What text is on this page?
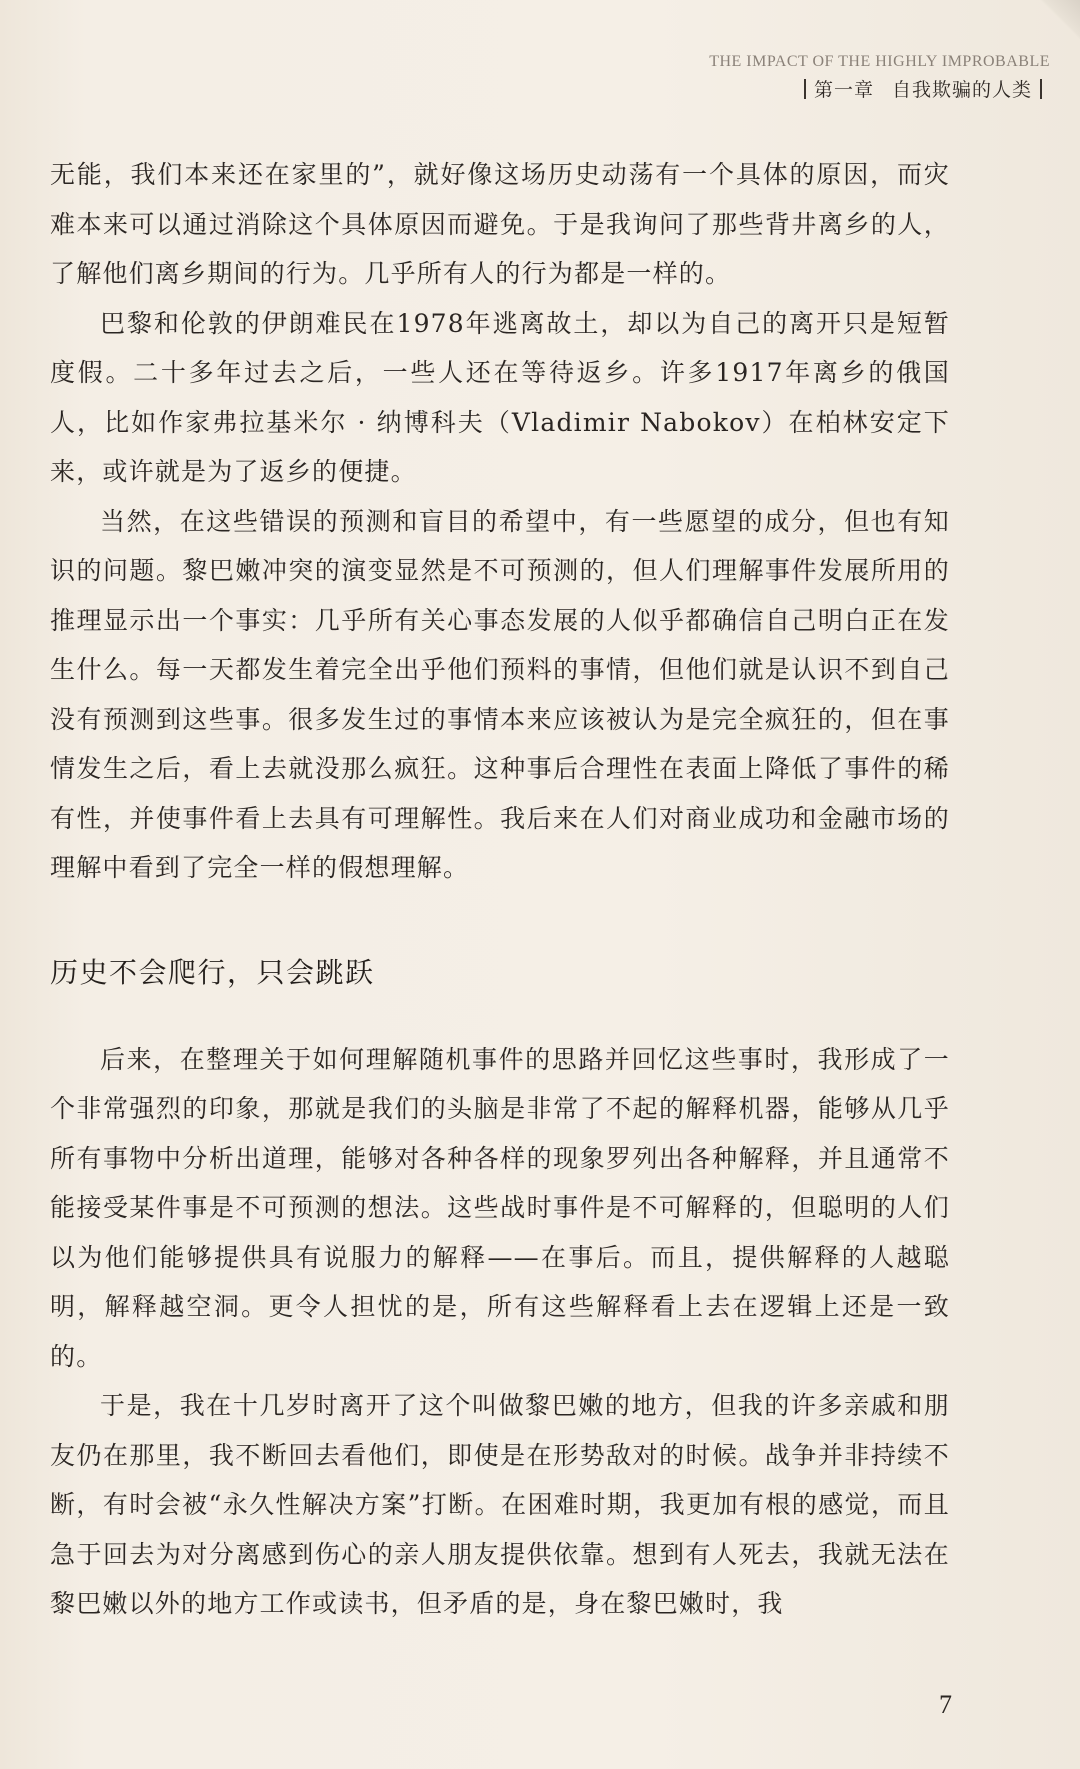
THE IMPACT OF THE HIGHLY IMPROBABLE
第一章 自我欺骗的人类

无能，我们本来还在家里的”，就好像这场历史动荡有一个具体的原因，而灾难本来可以通过消除这个具体原因而避免。于是我询问了那些背井离乡的人，了解他们离乡期间的行为。几乎所有人的行为都是一样的。

巴黎和伦敦的伊朗难民在1978年逃离故土，却以为自己的离开只是短暂度假。二十多年过去之后，一些人还在等待返乡。许多1917年离乡的俄国人，比如作家弗拉基米尔 · 纳博科夫（Vladimir Nabokov）在柏林安定下来，或许就是为了返乡的便捷。

当然，在这些错误的预测和盲目的希望中，有一些愿望的成分，但也有知识的问题。黎巴嫩冲突的演变显然是不可预测的，但人们理解事件发展所用的推理显示出一个事实：几乎所有关心事态发展的人似乎都确信自己明白正在发生什么。每一天都发生着完全出乎他们预料的事情，但他们就是认识不到自己没有预测到这些事。很多发生过的事情本来应该被认为是完全疯狂的，但在事情发生之后，看上去就没那么疯狂。这种事后合理性在表面上降低了事件的稀有性，并使事件看上去具有可理解性。我后来在人们对商业成功和金融市场的理解中看到了完全一样的假想理解。

历史不会爬行，只会跳跃

后来，在整理关于如何理解随机事件的思路并回忆这些事时，我形成了一个非常强烈的印象，那就是我们的头脑是非常了不起的解释机器，能够从几乎所有事物中分析出道理，能够对各种各样的现象罗列出各种解释，并且通常不能接受某件事是不可预测的想法。这些战时事件是不可解释的，但聪明的人们以为他们能够提供具有说服力的解释——在事后。而且，提供解释的人越聪明，解释越空洞。更令人担忧的是，所有这些解释看上去在逻辑上还是一致的。

于是，我在十几岁时离开了这个叫做黎巴嫩的地方，但我的许多亲戚和朋友仍在那里，我不断回去看他们，即使是在形势敌对的时候。战争并非持续不断，有时会被“永久性解决方案”打断。在困难时期，我更加有根的感觉，而且急于回去为对分离感到伤心的亲人朋友提供依靠。想到有人死去，我就无法在黎巴嫩以外的地方工作或读书，但矛盾的是，身在黎巴嫩时，我

7
